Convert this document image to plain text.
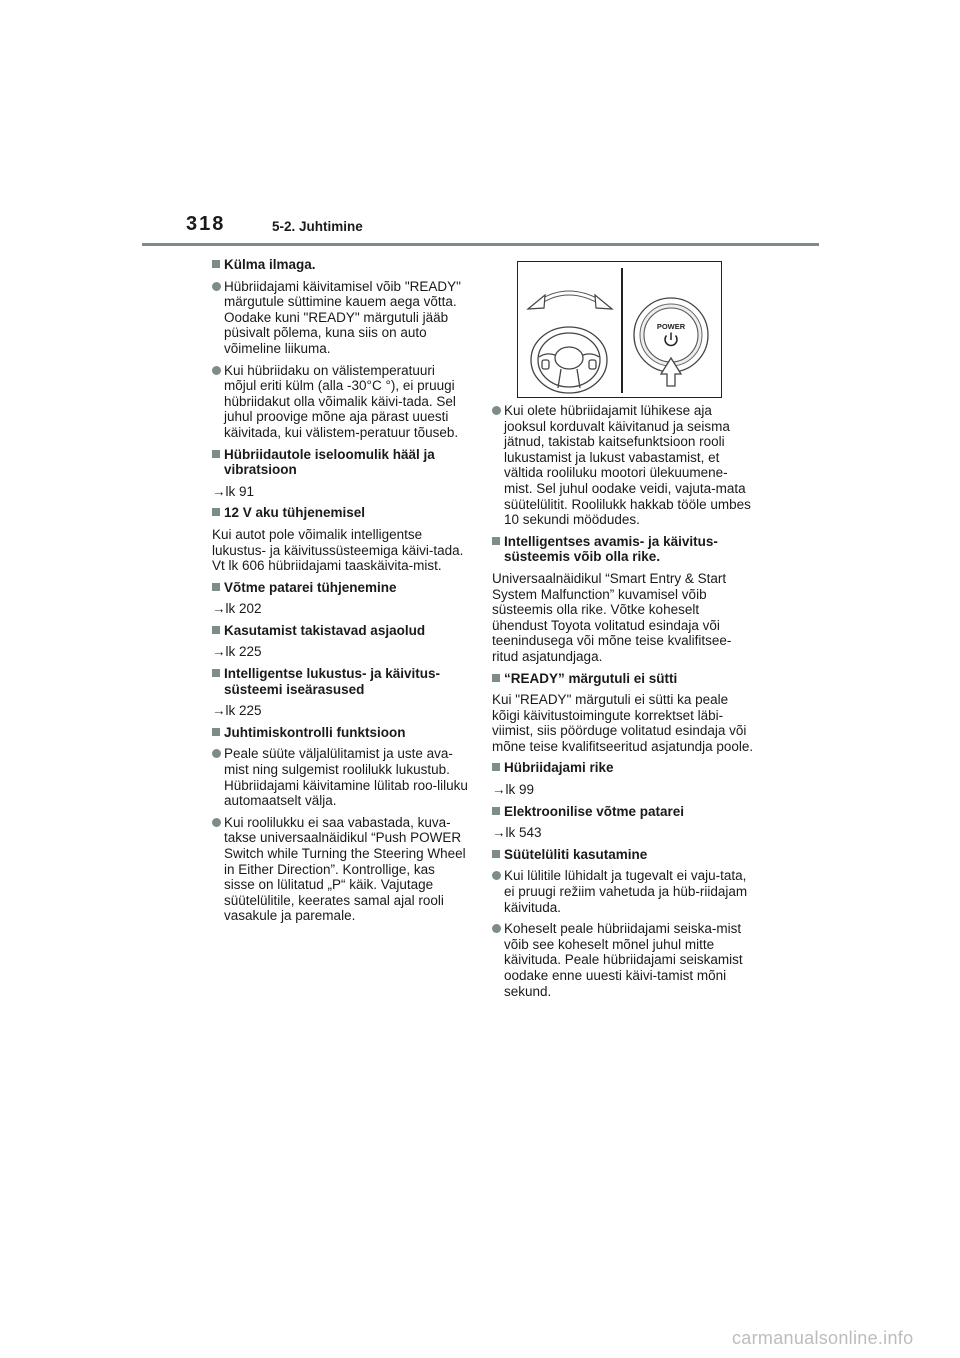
318	5-2. Juhtimine
Külma ilmaga.
Hübriidajami käivitamisel võib "READY" märgutule süttimine kauem aega võtta. Oodake kuni "READY" märgutuli jääb püsivalt põlema, kuna siis on auto võimeline liikuma.
Kui hübriidaku on välistemperatuuri mõjul eriti külm (alla -30°C °), ei pruugi hübriidakut olla võimalik käivi-tada. Sel juhul proovige mõne aja pärast uuesti käivitada, kui välistem-peratuur tõuseb.
Hübriidautole iseloomulik hääl ja vibratsioon
→lk 91
12 V aku tühjenemisel
Kui autot pole võimalik intelligentse lukustus- ja käivitussüsteemiga käivi-tada. Vt lk 606 hübriidajami taaskäivita-mist.
Võtme patarei tühjenemine
→lk 202
Kasutamist takistavad asjaolud
→lk 225
Intelligentse lukustus- ja käivitus-süsteemi iseärasused
→lk 225
Juhtimiskontrolli funktsioon
Peale süüte väljalülitamist ja uste ava-mist ning sulgemist roolilukk lukustub. Hübriidajami käivitamine lülitab roo-liluku automaatselt välja.
Kui roolilukku ei saa vabastada, kuva-takse universaalnäidikul “Push POWER Switch while Turning the Steering Wheel in Either Direction”. Kontrollige, kas sisse on lülitatud „P“ käik. Vajutage süütelülitile, keerates samal ajal rooli vasakule ja paremale.
POWER
Kui olete hübriidajamit lühikese aja jooksul korduvalt käivitanud ja seisma jätnud, takistab kaitsefunktsioon rooli lukustamist ja lukust vabastamist, et vältida rooliluku mootori ülekuumene-mist. Sel juhul oodake veidi, vajuta-mata süütelülitit. Roolilukk hakkab tööle umbes 10 sekundi möödudes.
Intelligentses avamis- ja käivitus-süsteemis võib olla rike.
Universaalnäidikul “Smart Entry & Start System Malfunction” kuvamisel võib süsteemis olla rike. Võtke koheselt ühendust Toyota volitatud esindaja või teenindusega või mõne teise kvalifitsee-ritud asjatundjaga.
“READY” märgutuli ei sütti
Kui "READY" märgutuli ei sütti ka peale kõigi käivitustoimingute korrektset läbi-viimist, siis pöörduge volitatud esindaja või mõne teise kvalifitseeritud asjatundja poole.
Hübriidajami rike
→lk 99
Elektroonilise võtme patarei
→lk 543
Süütelüliti kasutamine
Kui lülitile lühidalt ja tugevalt ei vaju-tata, ei pruugi režiim vahetuda ja hüb-riidajam käivituda.
Koheselt peale hübriidajami seiska-mist võib see koheselt mõnel juhul mitte käivituda. Peale hübriidajami seiskamist oodake enne uuesti käivi-tamist mõni sekund.
carmanualsonline.info
